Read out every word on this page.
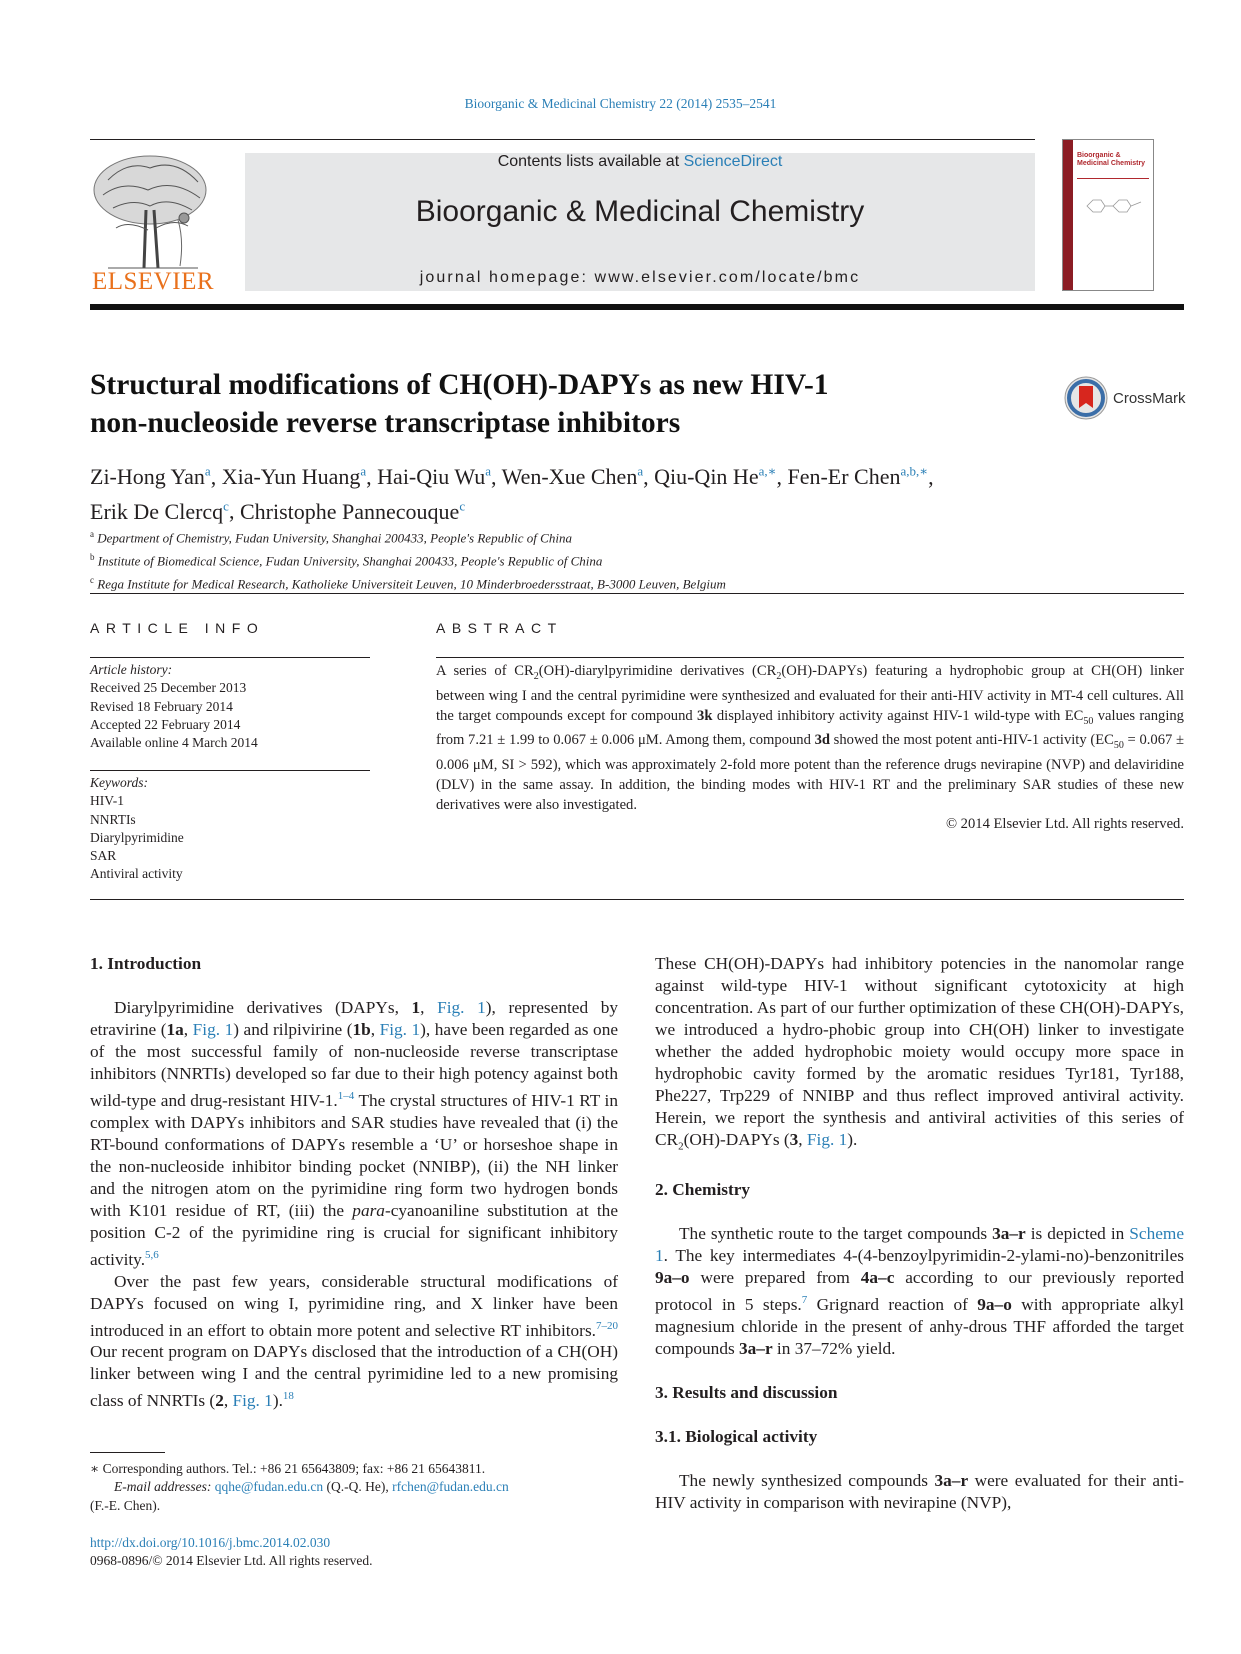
Bioorganic & Medicinal Chemistry 22 (2014) 2535–2541
ELSEVIER
Contents lists available at ScienceDirect
Bioorganic & Medicinal Chemistry
journal homepage: www.elsevier.com/locate/bmc
Bioorganic & Medicinal Chemistry
Structural modifications of CH(OH)-DAPYs as new HIV-1
non-nucleoside reverse transcriptase inhibitors
CrossMark
Zi-Hong Yan$^a$, Xia-Yun Huang$^a$, Hai-Qiu Wu$^a$, Wen-Xue Chen$^a$, Qiu-Qin $He^{a,∗}$, Fen-Er Chen$^{a,b,∗}$,
Erik De Clercq$^c$, Christophe Pannecouque$^c$
$^a$ Department of Chemistry, Fudan University, Shanghai 200433, People's Republic of China
$^b$ Institute of Biomedical Science, Fudan University, Shanghai 200433, People's Republic of China
$^c$ Rega Institute for Medical Research, Katholieke Universiteit Leuven, 10 Minderbroedersstraat, B-3000 Leuven, Belgium
ARTICLE INFO	ABSTRACT
Article history:
Received 25 December 2013
Revised 18 February 2014
Accepted 22 February 2014
Available online 4 March 2014
Keywords:
HIV-1
NNRTIs
Diarylpyrimidine
SAR
Antiviral activity
A series of $CR_2(OH)$-diarylpyrimidine derivatives $(CR_2(OH)-DAPYs)$ featuring a hydrophobic group at CH(OH) linker between wing I and the central pyrimidine were synthesized and evaluated for their anti-HIV activity in MT-4 cell cultures. All the target compounds except for compound 3k displayed inhibitory activity against HIV-1 wild-type with $EC_{50}$ values ranging from 7.21 ± 1.99 to 0.067 ± 0.006 μM. Among them, compound 3d showed the most potent anti-HIV-1 activity ($EC_{50} = 0.067 \pm 0.006$ μM, SI > 592), which was approximately 2-fold more potent than the reference drugs nevirapine (NVP) and delaviridine (DLV) in the same assay. In addition, the binding modes with HIV-1 RT and the preliminary SAR studies of these new derivatives were also investigated.
© 2014 Elsevier Ltd. All rights reserved.
1. Introduction

Diarylpyrimidine derivatives (DAPYs, 1, Fig. 1), represented by etravirine (1a, Fig. 1) and rilpivirine (1b, Fig. 1), have been regarded as one of the most successful family of non-nucleoside reverse transcriptase inhibitors (NNRTIs) developed so far due to their high potency against both wild-type and drug-resistant HIV-1.$^{1-4}$ The crystal structures of HIV-1 RT in complex with DAPYs inhibitors and SAR studies have revealed that (i) the RT-bound conformations of DAPYs resemble a ‘U’ or horseshoe shape in the non-nucleoside inhibitor binding pocket (NNIBP), (ii) the NH linker and the nitrogen atom on the pyrimidine ring form two hydrogen bonds with K101 residue of RT, (iii) the para-cyanoaniline substitution at the position C-2 of the pyrimidine ring is crucial for significant inhibitory activity.$^{5,6}$

Over the past few years, considerable structural modifications of DAPYs focused on wing I, pyrimidine ring, and X linker have been introduced in an effort to obtain more potent and selective RT inhibitors.$^{7-20}$ Our recent program on DAPYs disclosed that the introduction of a CH(OH) linker between wing I and the central pyrimidine led to a new promising class of NNRTIs (2, Fig. 1).$^{18}$

∗ Corresponding authors. Tel.: +86 21 65643809; fax: +86 21 65643811.
E-mail addresses: qqhe@fudan.edu.cn (Q.-Q. He), rfchen@fudan.edu.cn
(F.-E. Chen).
http://dx.doi.org/10.1016/j.bmc.2014.02.030
0968-0896/© 2014 Elsevier Ltd. All rights reserved.
These CH(OH)-DAPYs had inhibitory potencies in the nanomolar range against wild-type HIV-1 without significant cytotoxicity at high concentration. As part of our further optimization of these CH(OH)-DAPYs, we introduced a hydro-phobic group into CH(OH) linker to investigate whether the added hydrophobic moiety would occupy more space in hydrophobic cavity formed by the aromatic residues Tyr181, Tyr188, Phe227, Trp229 of NNIBP and thus reflect improved antiviral activity. Herein, we report the synthesis and antiviral activities of this series of $CR_2(OH)$-DAPYs (3, Fig. 1).
2. Chemistry

The synthetic route to the target compounds 3a–r is depicted in Scheme 1. The key intermediates 4-(4-benzoylpyrimidin-2-ylami-no)-benzonitriles 9a–o were prepared from 4a–c according to our previously reported protocol in 5 steps.$^7$ Grignard reaction of 9a–o with appropriate alkyl magnesium chloride in the present of anhy-drous THF afforded the target compounds 3a–r in 37–72% yield.

3. Results and discussion
3.1. Biological activity

The newly synthesized compounds 3a–r were evaluated for their anti-HIV activity in comparison with nevirapine (NVP),
